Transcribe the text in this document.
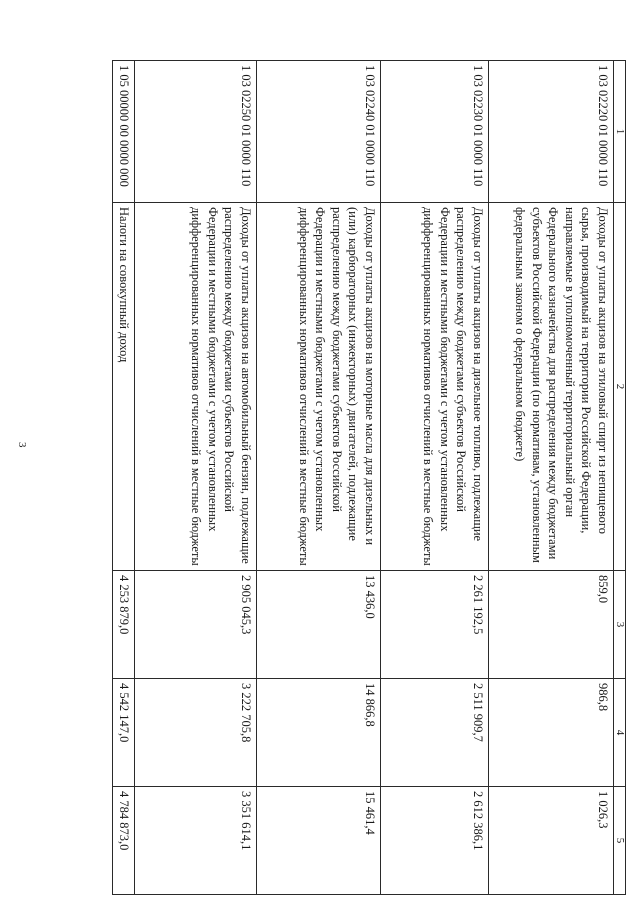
3
1	2	3	4	5
1 03 02220 01 0000 110	Доходы от уплаты акцизов на этиловый спирт из непищевого сырья, производимый на территории Российской Федерации, направляемые в уполномоченный территориальный орган Федерального казначейства для распределения между бюджетами субъектов Российской Федерации (по нормативам, установленным федеральным законом о федеральном бюджете)	859,0	986,8	1 026,3
1 03 02230 01 0000 110	Доходы от уплаты акцизов на дизельное топливо, подлежащие распределению между бюджетами субъектов Российской Федерации и местными бюджетами с учетом установленных дифференцированных нормативов отчислений в местные бюджеты	2 261 192,5	2 511 909,7	2 612 386,1
1 03 02240 01 0000 110	Доходы от уплаты акцизов на моторные масла для дизельных и (или) карбюраторных (инжекторных) двигателей, подлежащие распределению между бюджетами субъектов Российской Федерации и местными бюджетами с учетом установленных дифференцированных нормативов отчислений в местные бюджеты	13 436,0	14 866,8	15 461,4
1 03 02250 01 0000 110	Доходы от уплаты акцизов на автомобильный бензин, подлежащие распределению между бюджетами субъектов Российской Федерации и местными бюджетами с учетом установленных дифференцированных нормативов отчислений в местные бюджеты	2 905 045,3	3 222 705,8	3 351 614,1
1 05 00000 00 0000 000	Налоги на совокупный доход	4 253 879,0	4 542 147,0	4 784 873,0
